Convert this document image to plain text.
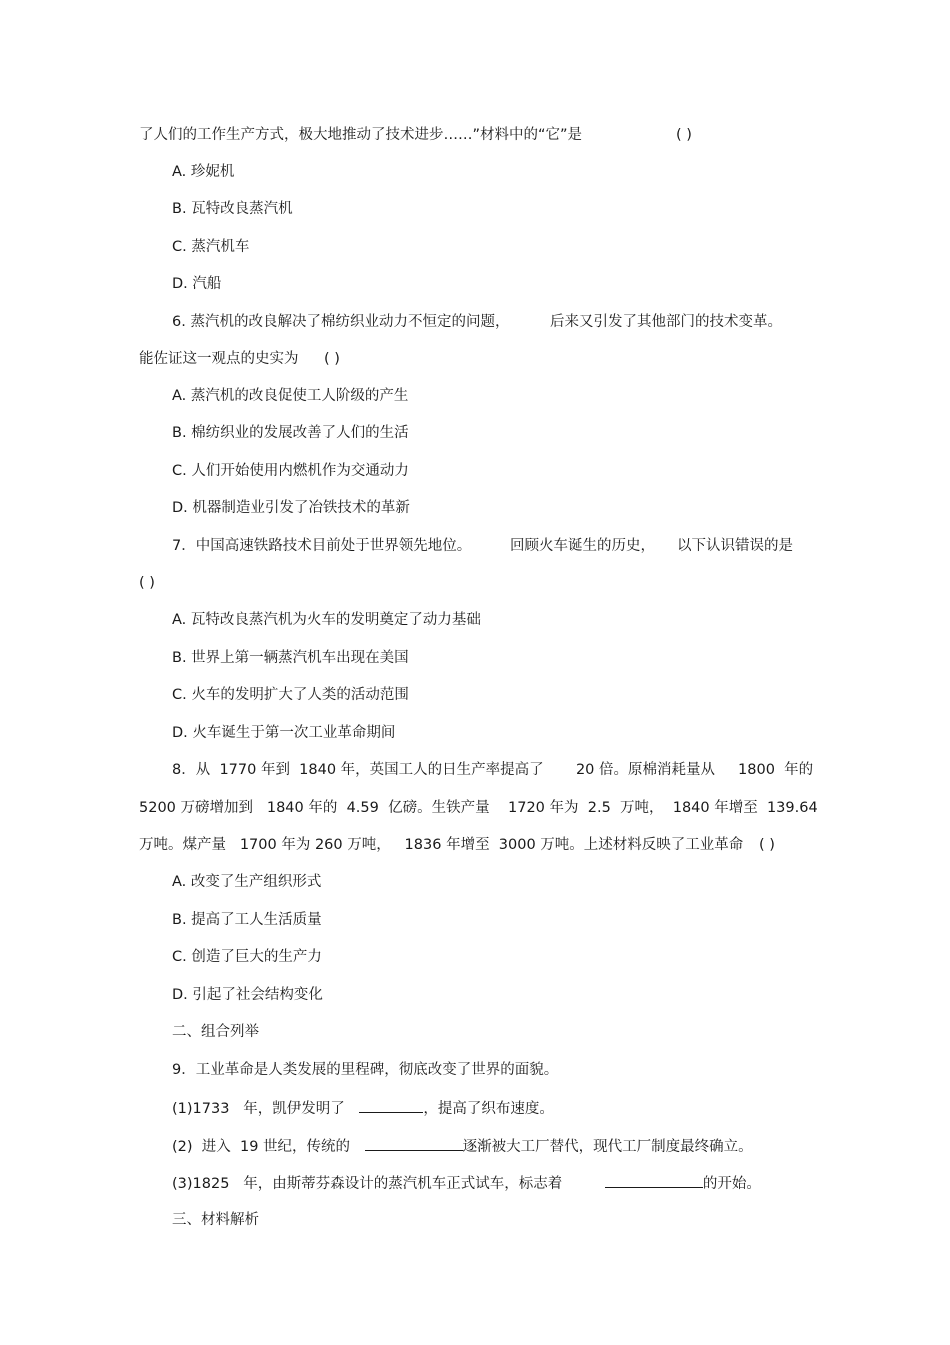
了人们的工作生产方式，极大地推动了技术进步……”材料中的“它”是	( )
A. 珍妮机
B. 瓦特改良蒸汽机
C. 蒸汽机车
D. 汽船
6. 蒸汽机的改良解决了棉纺织业动力不恒定的问题，	后来又引发了其他部门的技术变革。
能佐证这一观点的史实为 ( )
A. 蒸汽机的改良促使工人阶级的产生
B. 棉纺织业的发展改善了人们的生活
C. 人们开始使用内燃机作为交通动力
D. 机器制造业引发了冶铁技术的革新
7．中国高速铁路技术目前处于世界领先地位。	回顾火车诞生的历史， 以下认识错误的是
( )
A. 瓦特改良蒸汽机为火车的发明奠定了动力基础
B. 世界上第一辆蒸汽机车出现在美国
C. 火车的发明扩大了人类的活动范围
D. 火车诞生于第一次工业革命期间
8．从  1770 年到  1840 年，英国工人的日生产率提高了       20 倍。原棉消耗量从     1800  年的
5200 万磅增加到   1840 年的  4.59  亿磅。生铁产量    1720 年为  2.5  万吨，  1840 年增至  139.64
万吨。煤产量   1700 年为 260 万吨，   1836 年增至  3000 万吨。上述材料反映了工业革命 ( )
A. 改变了生产组织形式
B. 提高了工人生活质量
C. 创造了巨大的生产力
D. 引起了社会结构变化
二、组合列举
9．工业革命是人类发展的里程碑，彻底改变了世界的面貌。
(1)1733   年，凯伊发明了	，提高了织布速度。
(2)  进入  19 世纪，传统的	逐渐被大工厂替代，现代工厂制度最终确立。
(3)1825   年，由斯蒂芬森设计的蒸汽机车正式试车，标志着	的开始。
三、材料解析
